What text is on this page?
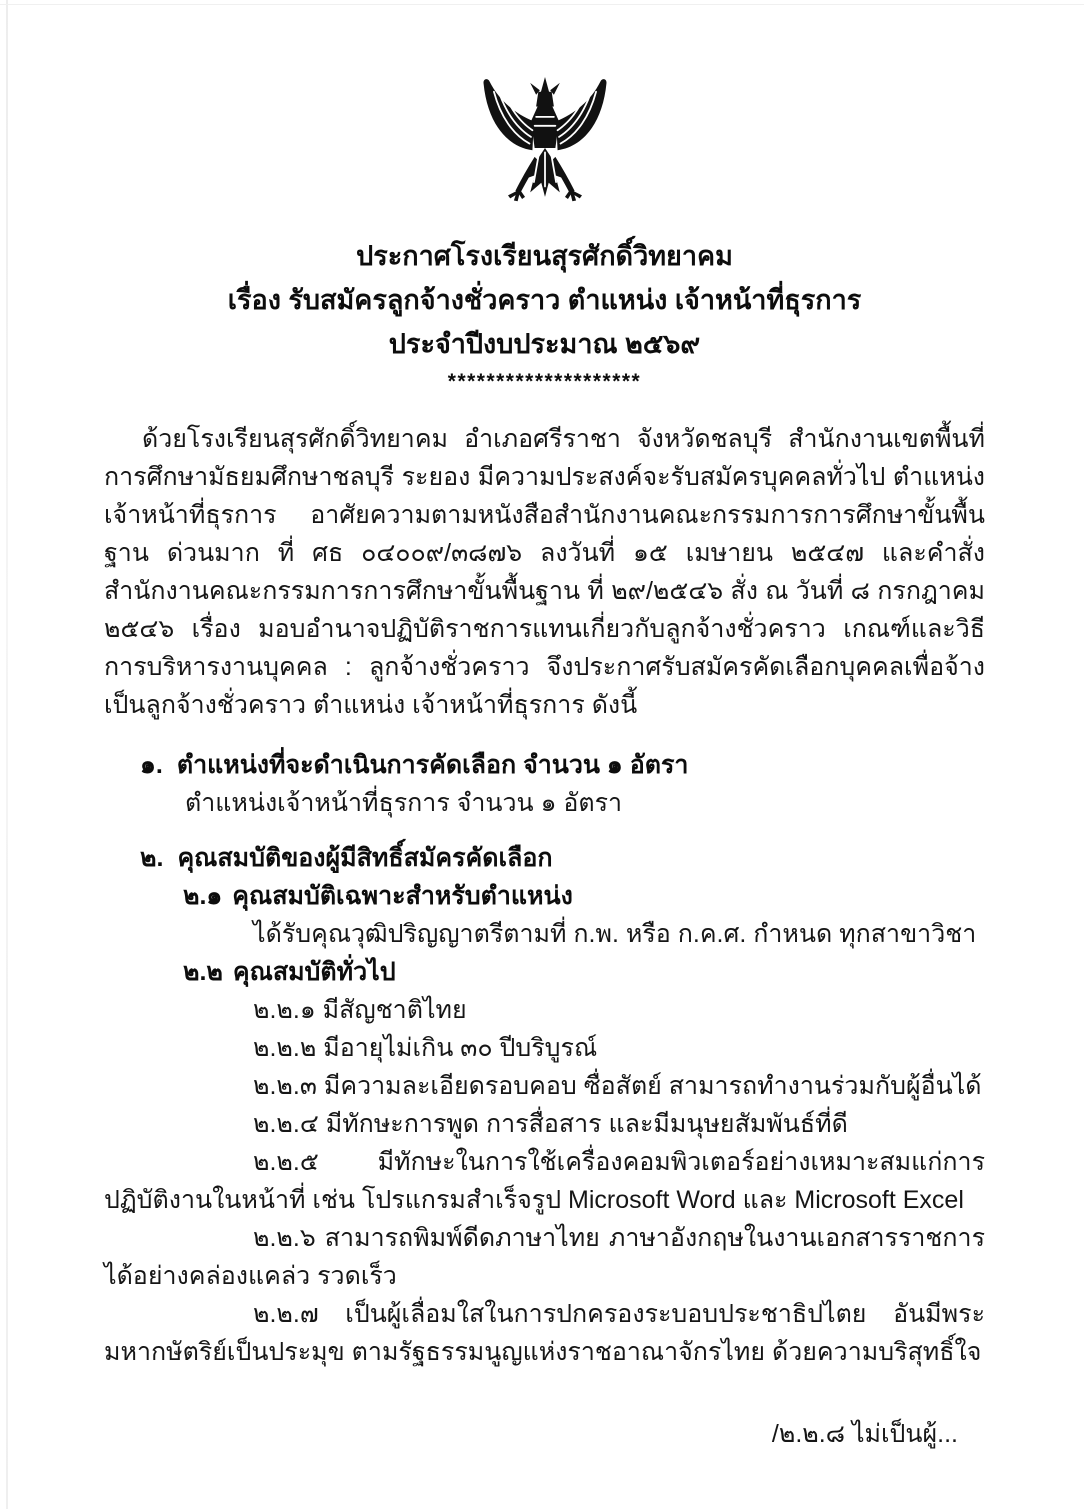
ประกาศโรงเรียนสุรศักดิ์วิทยาคม
เรื่อง รับสมัครลูกจ้างชั่วคราว ตำแหน่ง เจ้าหน้าที่ธุรการ
ประจำปีงบประมาณ ๒๕๖๙
********************

ด้วยโรงเรียนสุรศักดิ์วิทยาคม อำเภอศรีราชา จังหวัดชลบุรี สำนักงานเขตพื้นที่การศึกษามัธยมศึกษาชลบุรี ระยอง มีความประสงค์จะรับสมัครบุคคลทั่วไป ตำแหน่ง เจ้าหน้าที่ธุรการ อาศัยความตามหนังสือสำนักงานคณะกรรมการการศึกษาขั้นพื้นฐาน ด่วนมาก ที่ ศธ ๐๔๐๐๙/๓๘๗๖ ลงวันที่ ๑๕ เมษายน ๒๕๔๗ และคำสั่งสำนักงานคณะกรรมการการศึกษาขั้นพื้นฐาน ที่ ๒๙/๒๕๔๖ สั่ง ณ วันที่ ๘ กรกฎาคม ๒๕๔๖ เรื่อง มอบอำนาจปฏิบัติราชการแทนเกี่ยวกับลูกจ้างชั่วคราว เกณฑ์และวิธีการบริหารงานบุคคล : ลูกจ้างชั่วคราว จึงประกาศรับสมัครคัดเลือกบุคคลเพื่อจ้างเป็นลูกจ้างชั่วคราว ตำแหน่ง เจ้าหน้าที่ธุรการ ดังนี้

๑. ตำแหน่งที่จะดำเนินการคัดเลือก จำนวน ๑ อัตรา

ตำแหน่งเจ้าหน้าที่ธุรการ จำนวน ๑ อัตรา

๒. คุณสมบัติของผู้มีสิทธิ์สมัครคัดเลือก
๒.๑ คุณสมบัติเฉพาะสำหรับตำแหน่ง

ได้รับคุณวุฒิปริญญาตรีตามที่ ก.พ. หรือ ก.ค.ศ. กำหนด ทุกสาขาวิชา

๒.๒ คุณสมบัติทั่วไป

๒.๒.๑ มีสัญชาติไทย

๒.๒.๒ มีอายุไม่เกิน ๓๐ ปีบริบูรณ์

๒.๒.๓ มีความละเอียดรอบคอบ ซื่อสัตย์ สามารถทำงานร่วมกับผู้อื่นได้

๒.๒.๔ มีทักษะการพูด การสื่อสาร และมีมนุษยสัมพันธ์ที่ดี

๒.๒.๕ มีทักษะในการใช้เครื่องคอมพิวเตอร์อย่างเหมาะสมแก่การปฏิบัติงานในหน้าที่ เช่น โปรแกรมสำเร็จรูป Microsoft Word และ Microsoft Excel

๒.๒.๖ สามารถพิมพ์ดีดภาษาไทย ภาษาอังกฤษในงานเอกสารราชการได้อย่างคล่องแคล่ว รวดเร็ว

๒.๒.๗ เป็นผู้เลื่อมใสในการปกครองระบอบประชาธิปไตย อันมีพระมหากษัตริย์เป็นประมุข ตามรัฐธรรมนูญแห่งราชอาณาจักรไทย ด้วยความบริสุทธิ์ใจ

/๒.๒.๘ ไม่เป็นผู้...
